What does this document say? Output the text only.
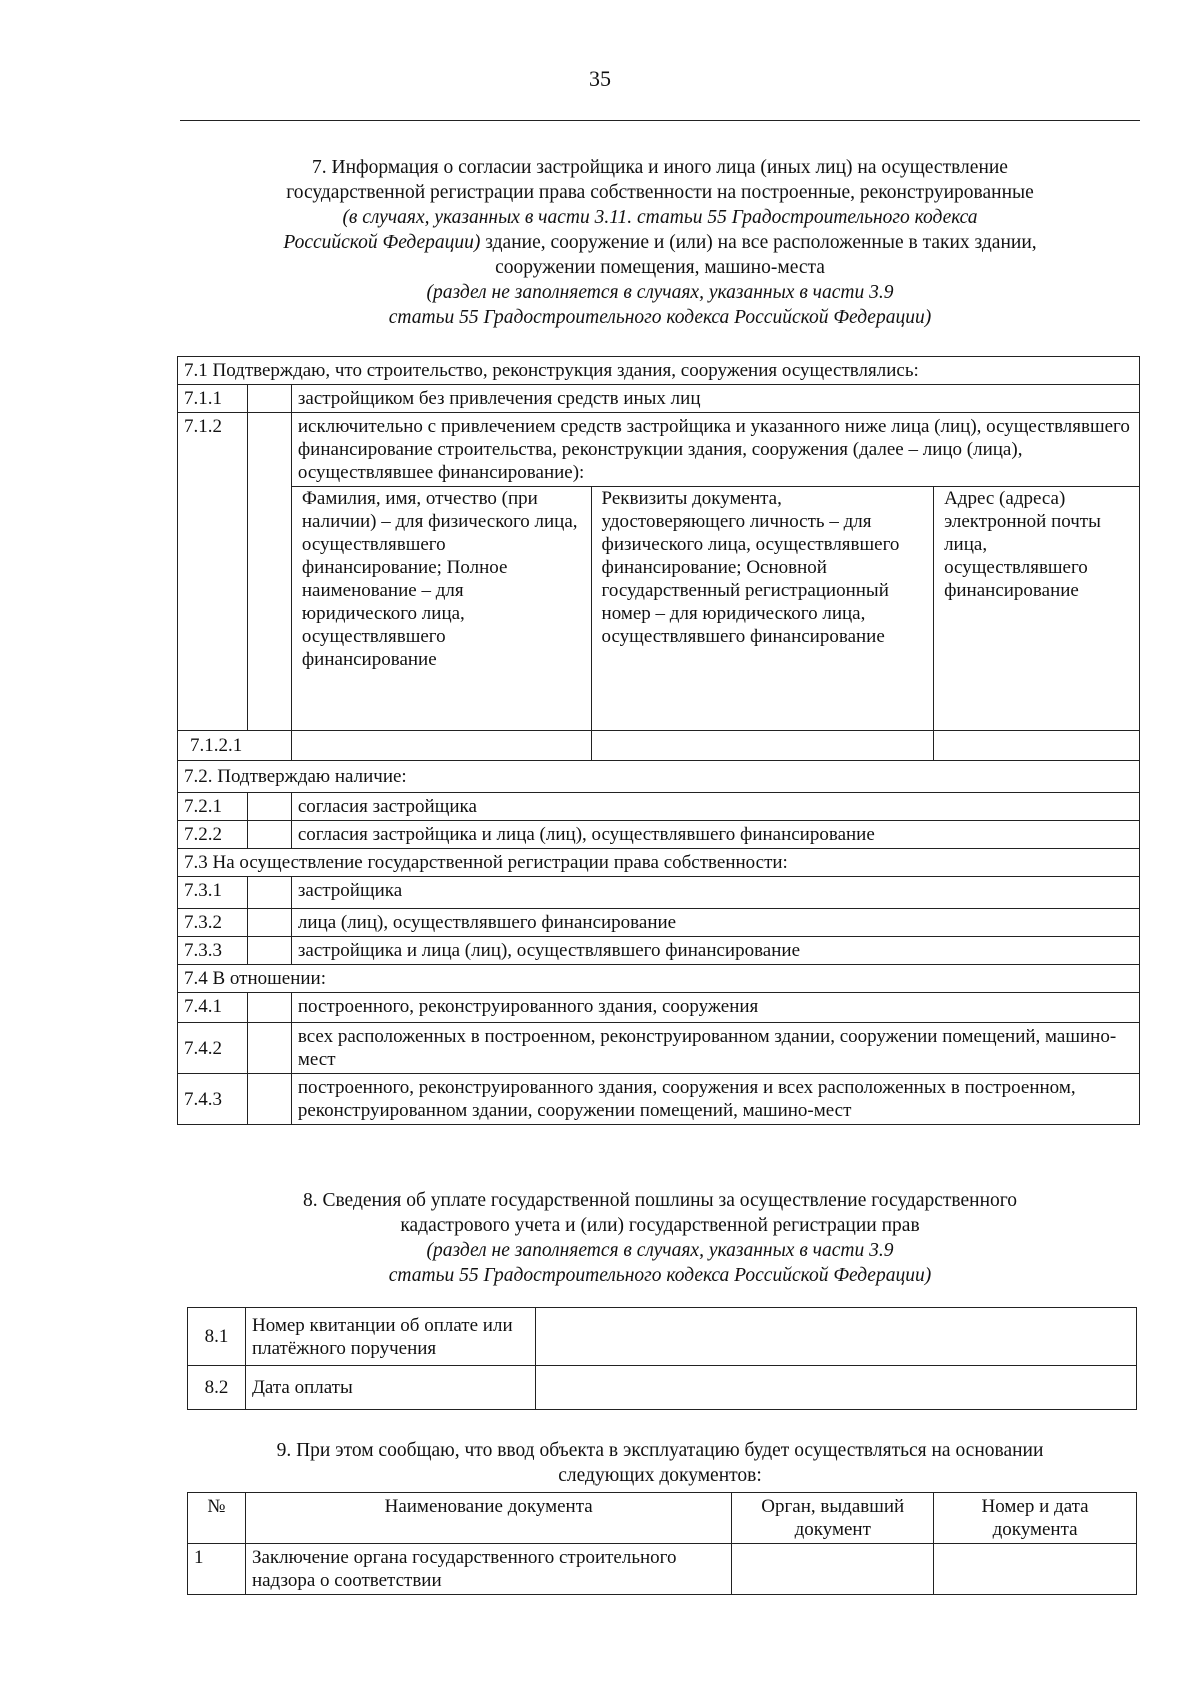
35
7. Информация о согласии застройщика и иного лица (иных лиц) на осуществление
государственной регистрации права собственности на построенные, реконструированные
(в случаях, указанных в части 3.11. статьи 55 Градостроительного кодекса
Российской Федерации) здание, сооружение и (или) на все расположенные в таких здании,
сооружении помещения, машино-места
(раздел не заполняется в случаях, указанных в части 3.9
статьи 55 Градостроительного кодекса Российской Федерации)
7.1 Подтверждаю, что строительство, реконструкция здания, сооружения осуществлялись:				
7.1.1		застройщиком без привлечения средств иных лиц		
7.1.2		исключительно с привлечением средств застройщика и указанного ниже лица (лиц), осуществлявшего финансирование строительства, реконструкции здания, сооружения (далее – лицо (лица), осуществлявшее финансирование):		
		Фамилия, имя, отчество (при наличии) – для физического лица, осуществлявшего финансирование; Полное наименование – для юридического лица, осуществлявшего финансирование	Реквизиты документа, удостоверяющего личность – для физического лица, осуществлявшего финансирование; Основной государственный регистрационный номер – для юридического лица, осуществлявшего финансирование	Адрес (адреса) электронной почты лица, осуществлявшего финансирование
7.1.2.1				
7.2. Подтверждаю наличие:				
7.2.1		согласия застройщика		
7.2.2		согласия застройщика и лица (лиц), осуществлявшего финансирование		
7.3 На осуществление государственной регистрации права собственности:				
7.3.1		застройщика		
7.3.2		лица (лиц), осуществлявшего финансирование		
7.3.3		застройщика и лица (лиц), осуществлявшего финансирование		
7.4 В отношении:				
7.4.1		построенного, реконструированного здания, сооружения		
7.4.2		всех расположенных в построенном, реконструированном здании, сооружении помещений, машино-мест		
7.4.3		построенного, реконструированного здания, сооружения и всех расположенных в построенном, реконструированном здании, сооружении помещений, машино-мест		
8. Сведения об уплате государственной пошлины за осуществление государственного
кадастрового учета и (или) государственной регистрации прав
(раздел не заполняется в случаях, указанных в части 3.9
статьи 55 Градостроительного кодекса Российской Федерации)
8.1	Номер квитанции об оплате или платёжного поручения	
8.2	Дата оплаты	
9. При этом сообщаю, что ввод объекта в эксплуатацию будет осуществляться на основании
следующих документов:
№	Наименование документа	Орган, выдавший документ	Номер и дата документа
1	Заключение органа государственного строительного надзора о соответствии		
